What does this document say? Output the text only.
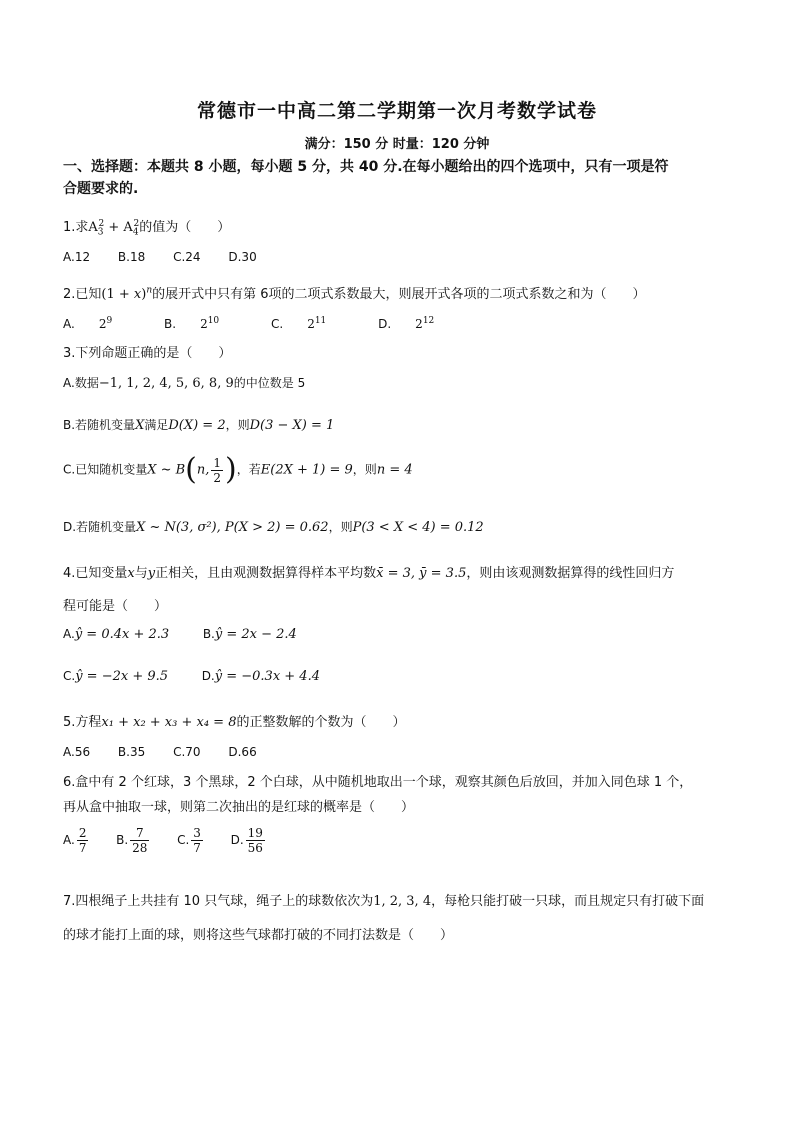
常德市一中高二第二学期第一次月考数学试卷
满分：150 分 时量：120 分钟
一、选择题：本题共 8 小题，每小题 5 分，共 40 分.在每小题给出的四个选项中，只有一项是符
合题要求的.
1.求$A_3^2 + A_4^2$的值为（　　）
A.12 B.18 C.24 D.30
2.已知$(1 + x)^n$的展开式中只有第 6项的二项式系数最大，则展开式各项的二项式系数之和为（　　）
A. $2^9$	B. $2^{10}$	C. $2^{11}$	D. $2^{12}$
3.下列命题正确的是（　　）
A.数据−1, 1, 2, 4, 5, 6, 8, 9的中位数是 5
B.若随机变量X满足D(X) = 2，则D(3 − X) = 1
C.已知随机变量X ~ B(n, $\frac{1}{2}$ )，若E(2X + 1) = 9，则n = 4
D.若随机变量X ~ N(3, σ²), P(X > 2) = 0.62，则P(3 < X < 4) = 0.12
4.已知变量x与y正相关，且由观测数据算得样本平均数x̄ = 3, ȳ = 3.5，则由该观测数据算得的线性回归方
程可能是（　　）
A.ŷ = 0.4x + 2.3	B.ŷ = 2x − 2.4
C.ŷ = −2x + 9.5	D.ŷ = −0.3x + 4.4
5.方程x₁ + x₂ + x₃ + x₄ = 8的正整数解的个数为（　　）
A.56 B.35 C.70 D.66
6.盒中有 2 个红球，3 个黑球，2 个白球，从中随机地取出一个球，观察其颜色后放回，并加入同色球 1 个，
再从盒中抽取一球，则第二次抽出的是红球的概率是（　　）
A. $\frac{2}{7} B$. $\frac{7}{28} C$. $\frac{3}{7} D$. $\frac{19}{56}$
7.四根绳子上共挂有 10 只气球，绳子上的球数依次为1, 2, 3, 4，每枪只能打破一只球，而且规定只有打破下面
的球才能打上面的球，则将这些气球都打破的不同打法数是（　　）
